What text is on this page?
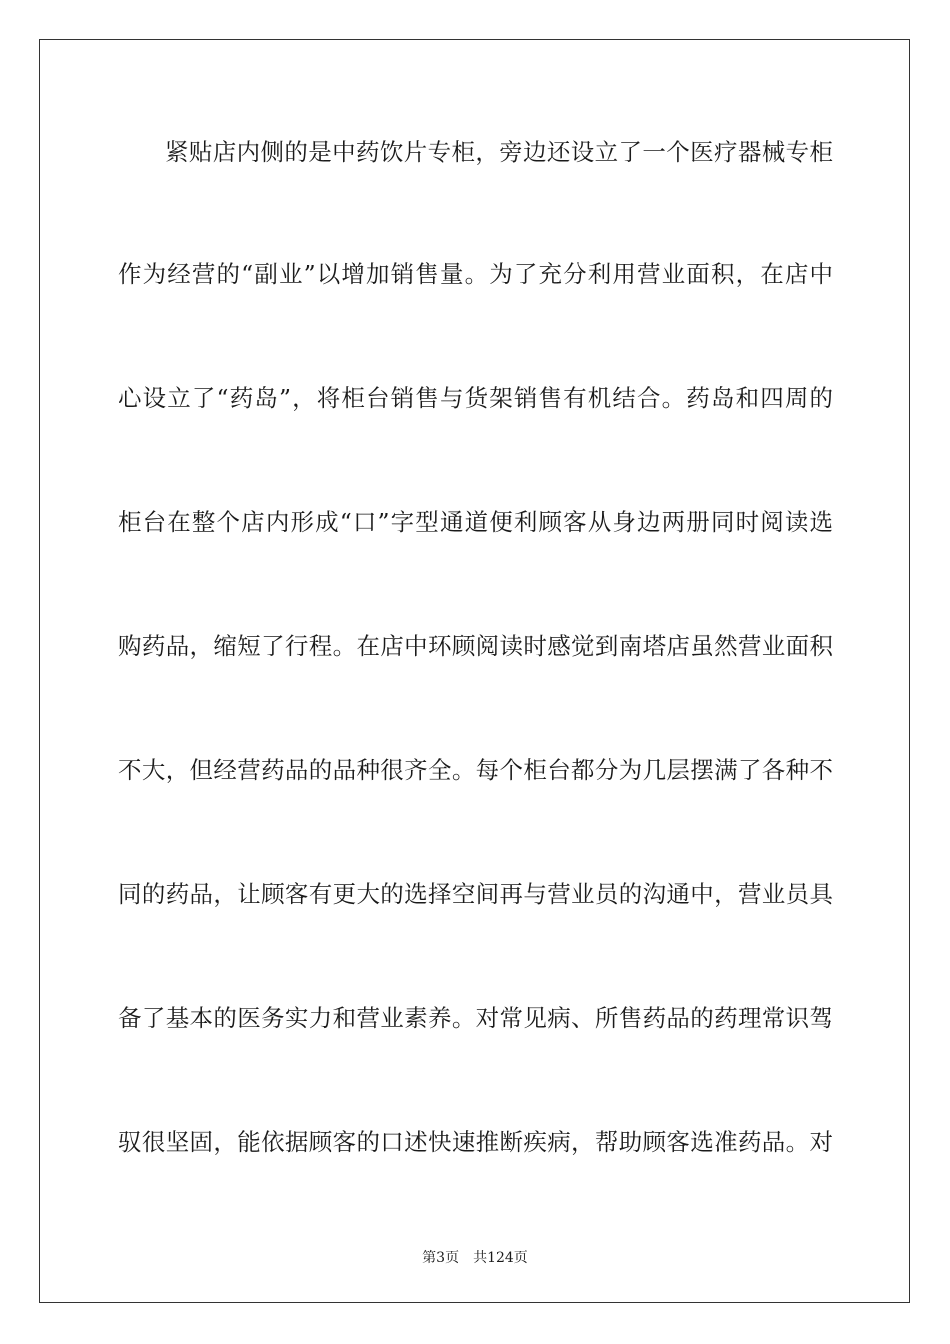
紧贴店内侧的是中药饮片专柜，旁边还设立了一个医疗器械专柜
作为经营的“副业”以增加销售量。为了充分利用营业面积，在店中
心设立了“药岛”，将柜台销售与货架销售有机结合。药岛和四周的
柜台在整个店内形成“口”字型通道便利顾客从身边两册同时阅读选
购药品，缩短了行程。在店中环顾阅读时感觉到南塔店虽然营业面积
不大，但经营药品的品种很齐全。每个柜台都分为几层摆满了各种不
同的药品，让顾客有更大的选择空间再与营业员的沟通中，营业员具
备了基本的医务实力和营业素养。对常见病、所售药品的药理常识驾
驭很坚固，能依据顾客的口述快速推断疾病，帮助顾客选准药品。对
第3页　共124页
